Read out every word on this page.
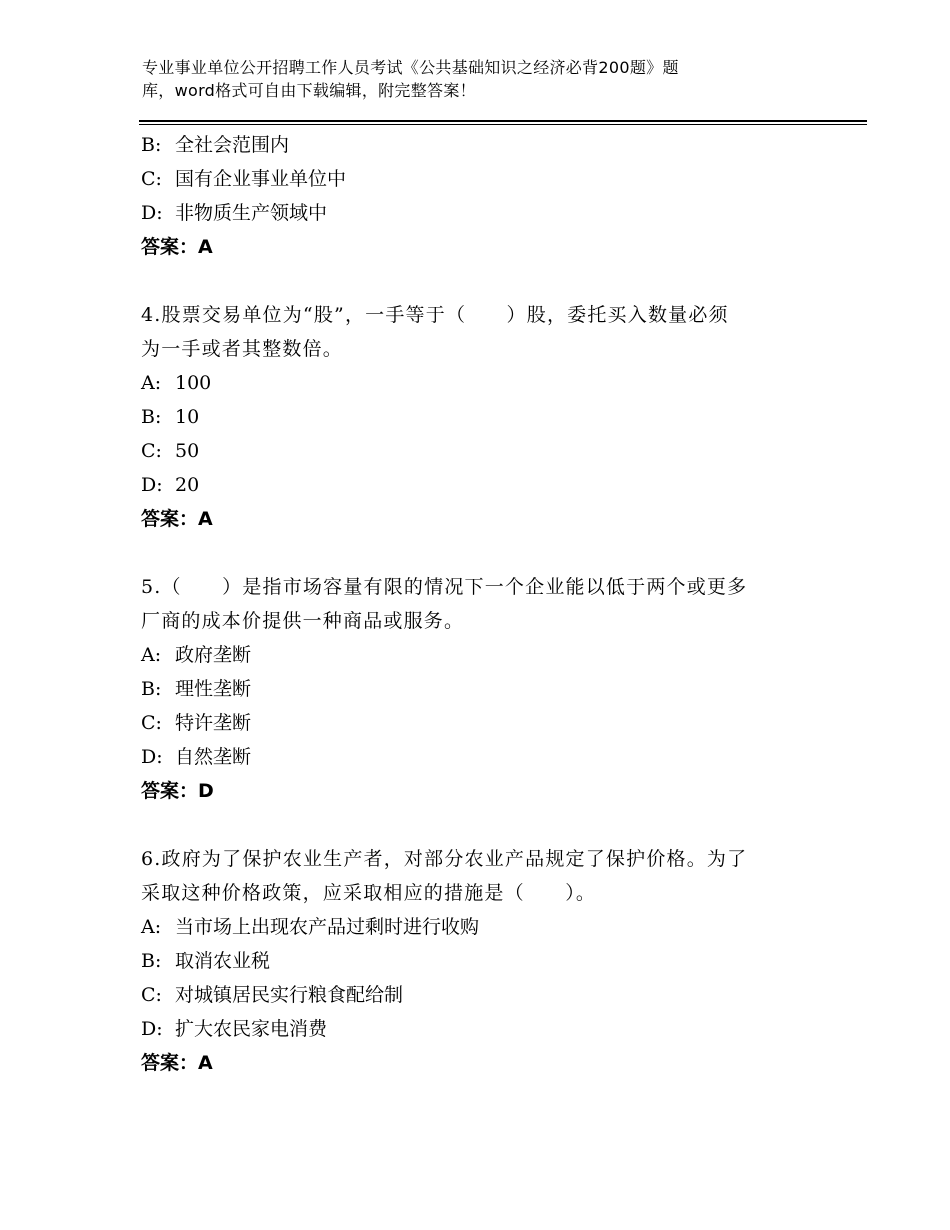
专业事业单位公开招聘工作人员考试《公共基础知识之经济必背200题》题
库，word格式可自由下载编辑，附完整答案！
B: 全社会范围内
C: 国有企业事业单位中
D: 非物质生产领域中
答案：A
4.股票交易单位为“股”，一手等于（　　）股，委托买入数量必须
为一手或者其整数倍。
A: 100
B: 10
C: 50
D: 20
答案：A
5.（　　）是指市场容量有限的情况下一个企业能以低于两个或更多
厂商的成本价提供一种商品或服务。
A: 政府垄断
B: 理性垄断
C: 特许垄断
D: 自然垄断
答案：D
6.政府为了保护农业生产者，对部分农业产品规定了保护价格。为了
采取这种价格政策，应采取相应的措施是（　　）。
A: 当市场上出现农产品过剩时进行收购
B: 取消农业税
C: 对城镇居民实行粮食配给制
D: 扩大农民家电消费
答案：A
